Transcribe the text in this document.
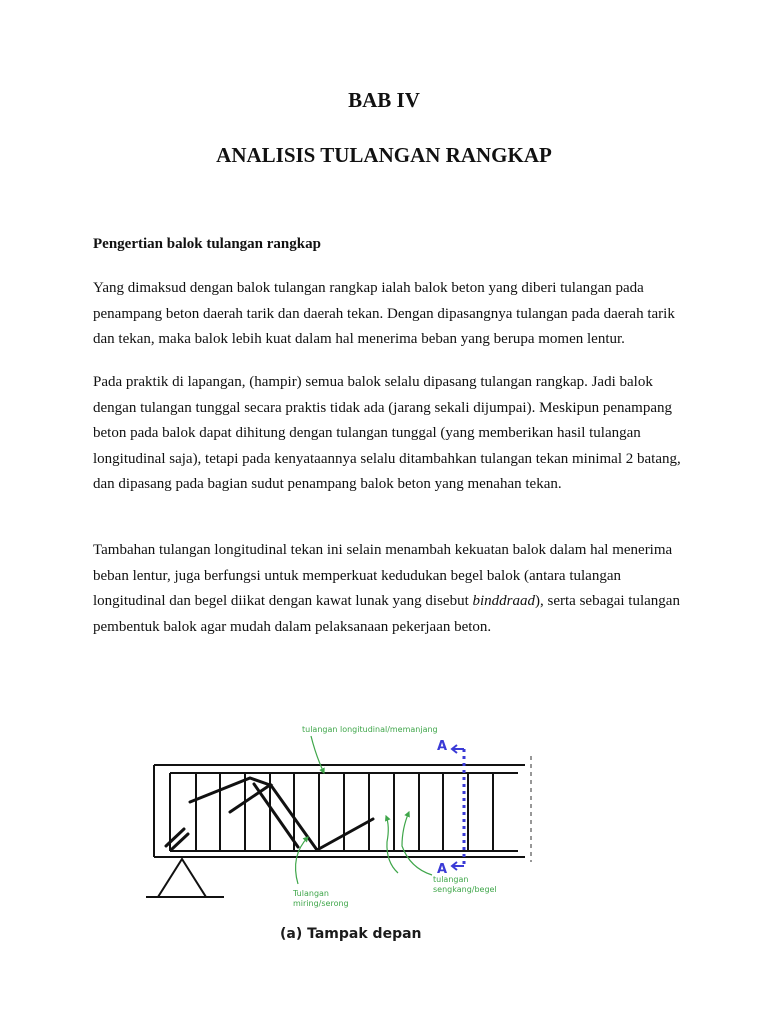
BAB IV
ANALISIS TULANGAN RANGKAP
Pengertian balok tulangan rangkap

Yang dimaksud dengan balok tulangan rangkap ialah balok beton yang diberi tulangan pada penampang beton daerah tarik dan daerah tekan. Dengan dipasangnya tulangan pada daerah tarik dan tekan, maka balok lebih kuat dalam hal menerima beban yang berupa momen lentur.

Pada praktik di lapangan, (hampir) semua balok selalu dipasang tulangan rangkap. Jadi balok dengan tulangan tunggal secara praktis tidak ada (jarang sekali dijumpai). Meskipun penampang beton pada balok dapat dihitung dengan tulangan tunggal (yang memberikan hasil tulangan longitudinal saja), tetapi pada kenyataannya selalu ditambahkan tulangan tekan minimal 2 batang, dan dipasang pada bagian sudut penampang balok beton yang menahan tekan.

Tambahan tulangan longitudinal tekan ini selain menambah kekuatan balok dalam hal menerima beban lentur, juga berfungsi untuk memperkuat kedudukan begel balok (antara tulangan longitudinal dan begel diikat dengan kawat lunak yang disebut binddraad), serta sebagai tulangan pembentuk balok agar mudah dalam pelaksanaan pekerjaan beton.

A
A
tulangan longitudinal/memanjang
Tulangan
miring/serong
tulangan
sengkang/begel
(a) Tampak depan
